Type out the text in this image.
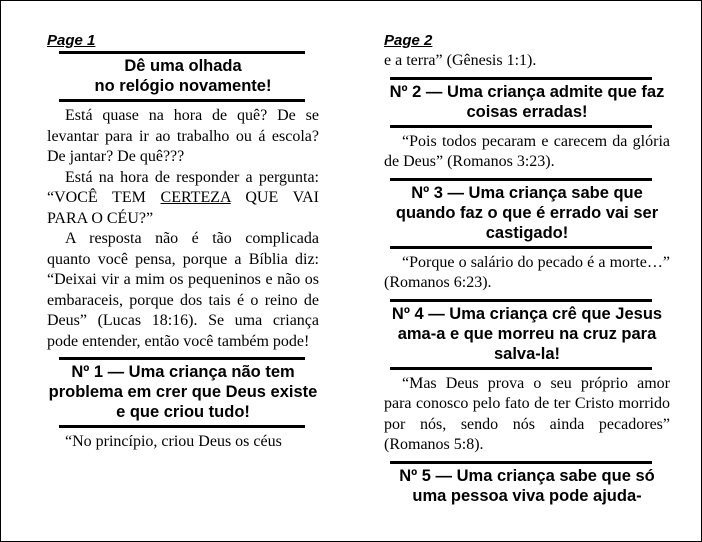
Page 1
Dê uma olhada
no relógio novamente!

Está quase na hora de quê? De se levantar para ir ao trabalho ou á escola? De jantar? De quê???

Está na hora de responder a pergunta: “VOCÊ TEM CERTEZA QUE VAI PARA O CÉU?”

A resposta não é tão complicada quanto você pensa, porque a Bíblia diz: “Deixai vir a mim os pequeninos e não os embaraceis, porque dos tais é o reino de Deus” (Lucas 18:16). Se uma criança pode entender, então você também pode!

Nº 1 — Uma criança não tem problema em crer que Deus existe e que criou tudo!

“No princípio, criou Deus os céus

Page 2

e a terra” (Gênesis 1:1).

Nº 2 — Uma criança admite que faz coisas erradas!

“Pois todos pecaram e carecem da glória de Deus” (Romanos 3:23).

Nº 3 — Uma criança sabe que quando faz o que é errado vai ser castigado!

“Porque o salário do pecado é a morte…” (Romanos 6:23).

Nº 4 — Uma criança crê que Jesus ama-a e que morreu na cruz para salva-la!

“Mas Deus prova o seu próprio amor para conosco pelo fato de ter Cristo morrido por nós, sendo nós ainda pecadores” (Romanos 5:8).

Nº 5 — Uma criança sabe que só uma pessoa viva pode ajuda-
